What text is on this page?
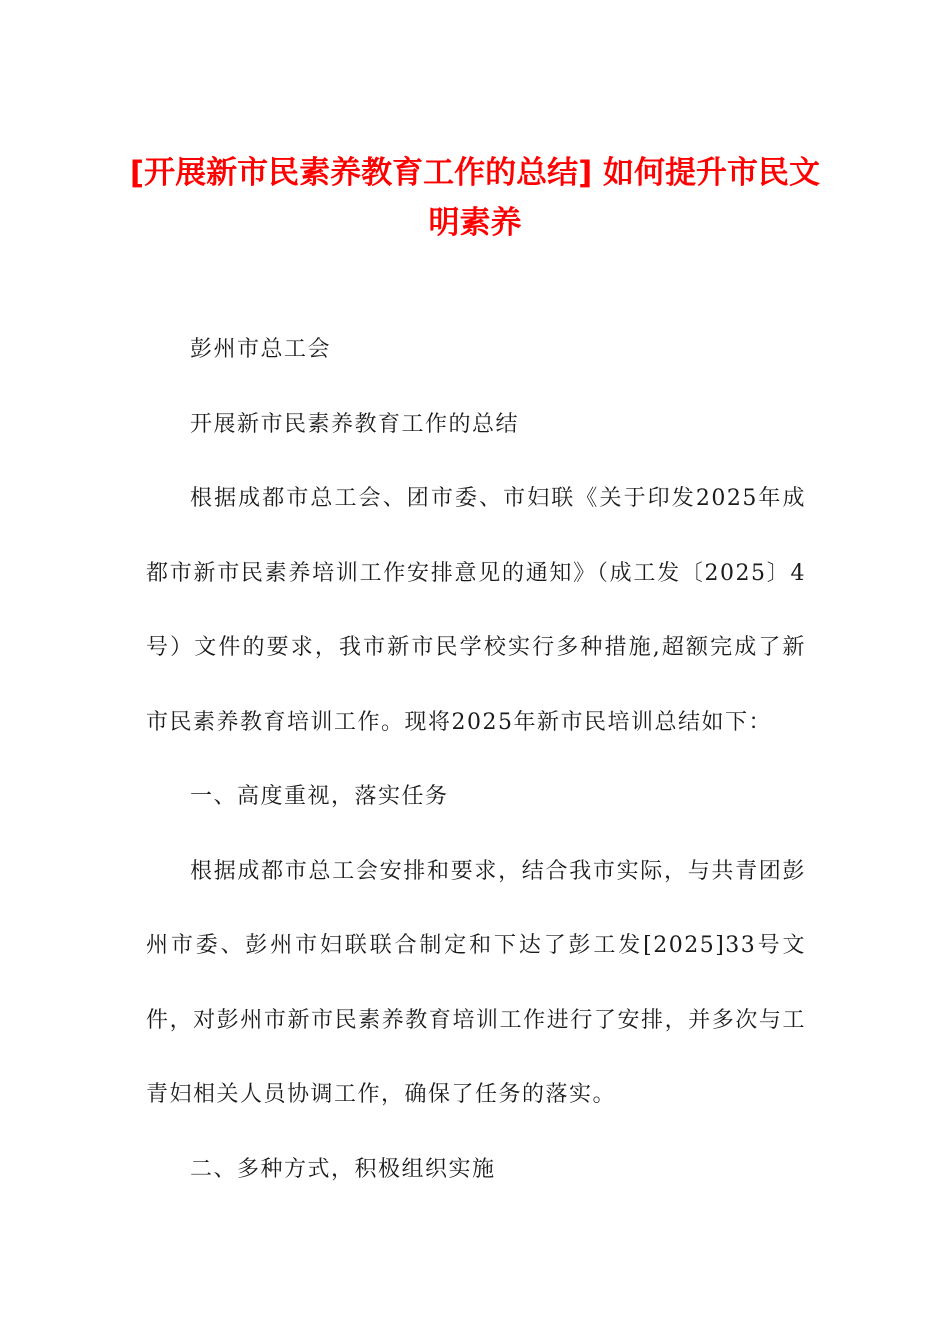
[开展新市民素养教育工作的总结] 如何提升市民文明素养

彭州市总工会

开展新市民素养教育工作的总结

根据成都市总工会、团市委、市妇联《关于印发2025年成都市新市民素养培训工作安排意见的通知》（成工发〔2025〕4号）文件的要求，我市新市民学校实行多种措施,超额完成了新市民素养教育培训工作。现将2025年新市民培训总结如下：

一、高度重视，落实任务

根据成都市总工会安排和要求，结合我市实际，与共青团彭州市委、彭州市妇联联合制定和下达了彭工发[2025]33号文件，对彭州市新市民素养教育培训工作进行了安排，并多次与工青妇相关人员协调工作，确保了任务的落实。

二、多种方式，积极组织实施
